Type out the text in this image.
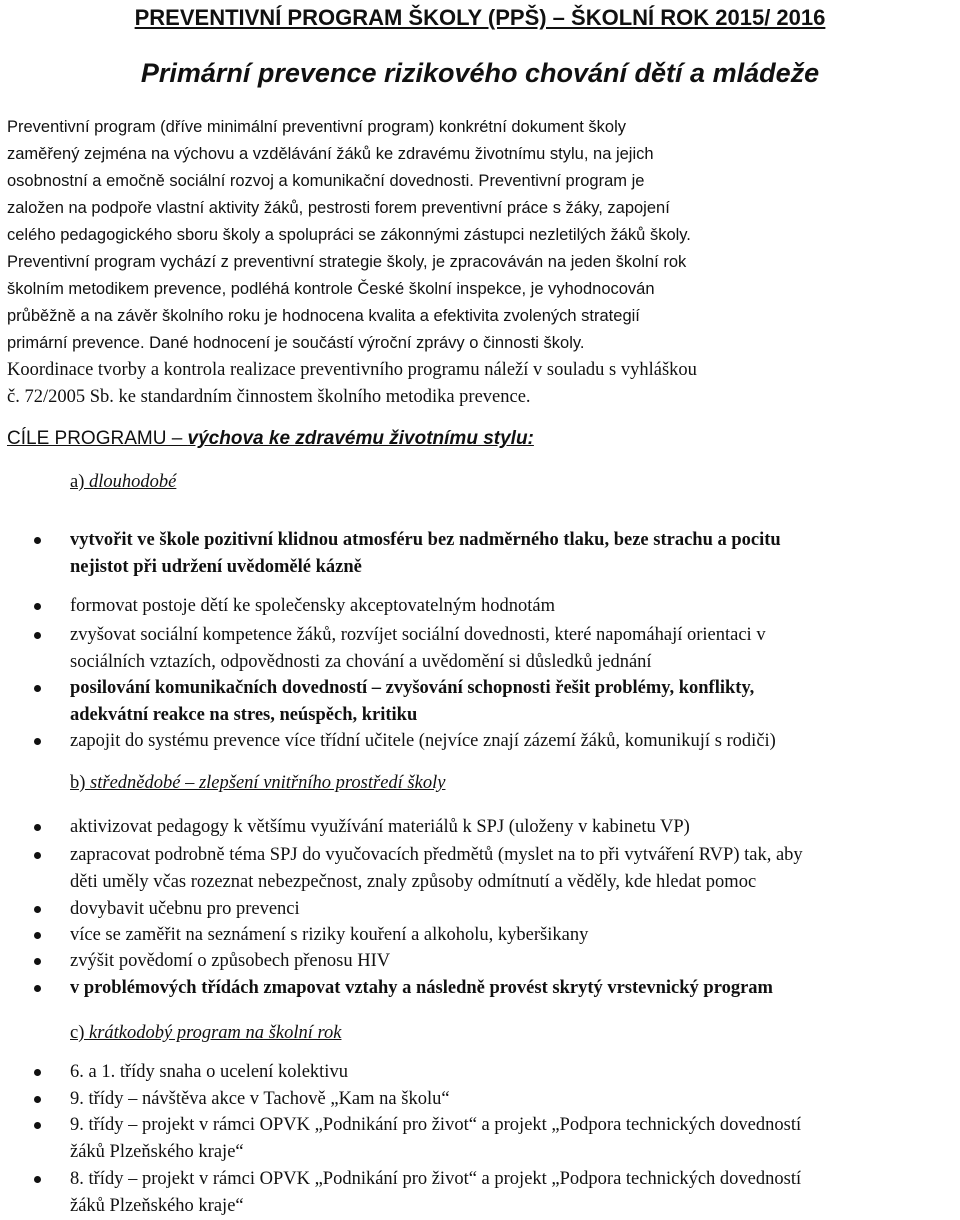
PREVENTIVNÍ PROGRAM ŠKOLY (PPŠ) – ŠKOLNÍ ROK 2015/ 2016
Primární prevence rizikového chování dětí a mládeže
Preventivní program (dříve minimální preventivní program) konkrétní dokument školy
zaměřený zejména na výchovu a vzdělávání žáků ke zdravému životnímu stylu, na jejich
osobnostní a emočně sociální rozvoj a komunikační dovednosti. Preventivní program je
založen na podpoře vlastní aktivity žáků, pestrosti forem preventivní práce s žáky, zapojení
celého pedagogického sboru školy a spolupráci se zákonnými zástupci nezletilých žáků školy.
Preventivní program vychází z preventivní strategie školy, je zpracováván na jeden školní rok
školním metodikem prevence, podléhá kontrole České školní inspekce, je vyhodnocován
průběžně a na závěr školního roku je hodnocena kvalita a efektivita zvolených strategií
primární prevence. Dané hodnocení je součástí výroční zprávy o činnosti školy.
Koordinace tvorby a kontrola realizace preventivního programu náleží v souladu s vyhláškou
č. 72/2005 Sb. ke standardním činnostem školního metodika prevence.
CÍLE PROGRAMU – výchova ke zdravému životnímu stylu:
a) dlouhodobé
vytvořit ve škole pozitivní klidnou atmosféru bez nadměrného tlaku, beze strachu a pocitu
nejistot při udržení uvědomělé kázně
formovat postoje dětí ke společensky akceptovatelným hodnotám
zvyšovat sociální kompetence žáků, rozvíjet sociální dovednosti, které napomáhají orientaci v
sociálních vztazích, odpovědnosti za chování a uvědomění si důsledků jednání
posilování komunikačních dovedností – zvyšování schopnosti řešit problémy, konflikty,
adekvátní reakce na stres, neúspěch, kritiku
zapojit do systému prevence více třídní učitele (nejvíce znají zázemí žáků, komunikují s rodiči)
b) střednědobé – zlepšení vnitřního prostředí školy
aktivizovat pedagogy k většímu využívání materiálů k SPJ (uloženy v kabinetu VP)
zapracovat podrobně téma SPJ do vyučovacích předmětů (myslet na to při vytváření RVP) tak, aby
děti uměly včas rozeznat nebezpečnost, znaly způsoby odmítnutí a věděly, kde hledat pomoc
dovybavit učebnu pro prevenci
více se zaměřit na seznámení s riziky kouření a alkoholu, kyberšikany
zvýšit povědomí o způsobech přenosu HIV
v problémových třídách zmapovat vztahy a následně provést skrytý vrstevnický program
c) krátkodobý program na školní rok
6. a 1. třídy snaha o ucelení kolektivu
9. třídy – návštěva akce v Tachově „Kam na školu“
9. třídy – projekt v rámci OPVK „Podnikání pro život“ a projekt „Podpora technických dovedností
žáků Plzeňského kraje“
8. třídy – projekt v rámci OPVK „Podnikání pro život“ a projekt „Podpora technických dovedností
žáků Plzeňského kraje“
